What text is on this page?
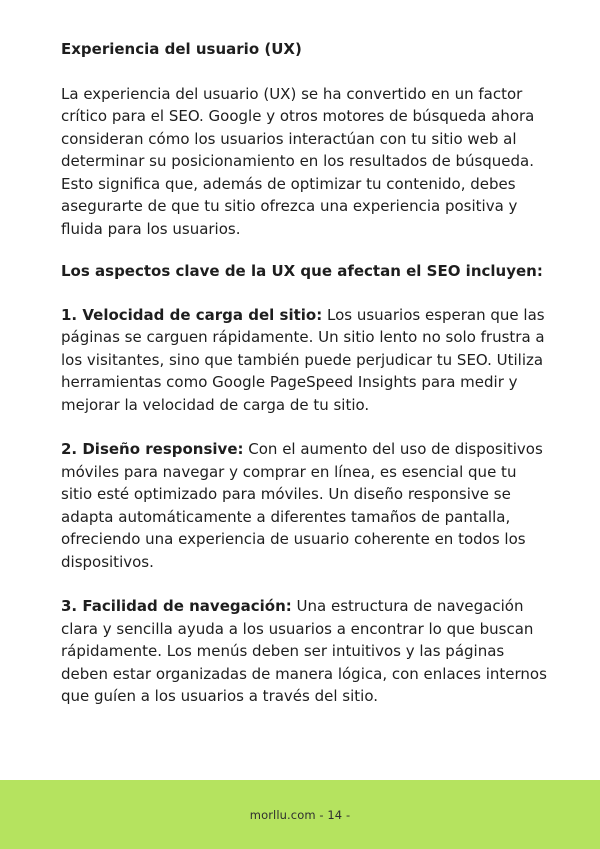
Experiencia del usuario (UX)

La experiencia del usuario (UX) se ha convertido en un factor crítico para el SEO. Google y otros motores de búsqueda ahora consideran cómo los usuarios interactúan con tu sitio web al determinar su posicionamiento en los resultados de búsqueda. Esto significa que, además de optimizar tu contenido, debes asegurarte de que tu sitio ofrezca una experiencia positiva y fluida para los usuarios.

Los aspectos clave de la UX que afectan el SEO incluyen:

1. Velocidad de carga del sitio: Los usuarios esperan que las páginas se carguen rápidamente. Un sitio lento no solo frustra a los visitantes, sino que también puede perjudicar tu SEO. Utiliza herramientas como Google PageSpeed Insights para medir y mejorar la velocidad de carga de tu sitio.

2. Diseño responsive: Con el aumento del uso de dispositivos móviles para navegar y comprar en línea, es esencial que tu sitio esté optimizado para móviles. Un diseño responsive se adapta automáticamente a diferentes tamaños de pantalla, ofreciendo una experiencia de usuario coherente en todos los dispositivos.

3. Facilidad de navegación: Una estructura de navegación clara y sencilla ayuda a los usuarios a encontrar lo que buscan rápidamente. Los menús deben ser intuitivos y las páginas deben estar organizadas de manera lógica, con enlaces internos que guíen a los usuarios a través del sitio.

morllu.com - 14 -
